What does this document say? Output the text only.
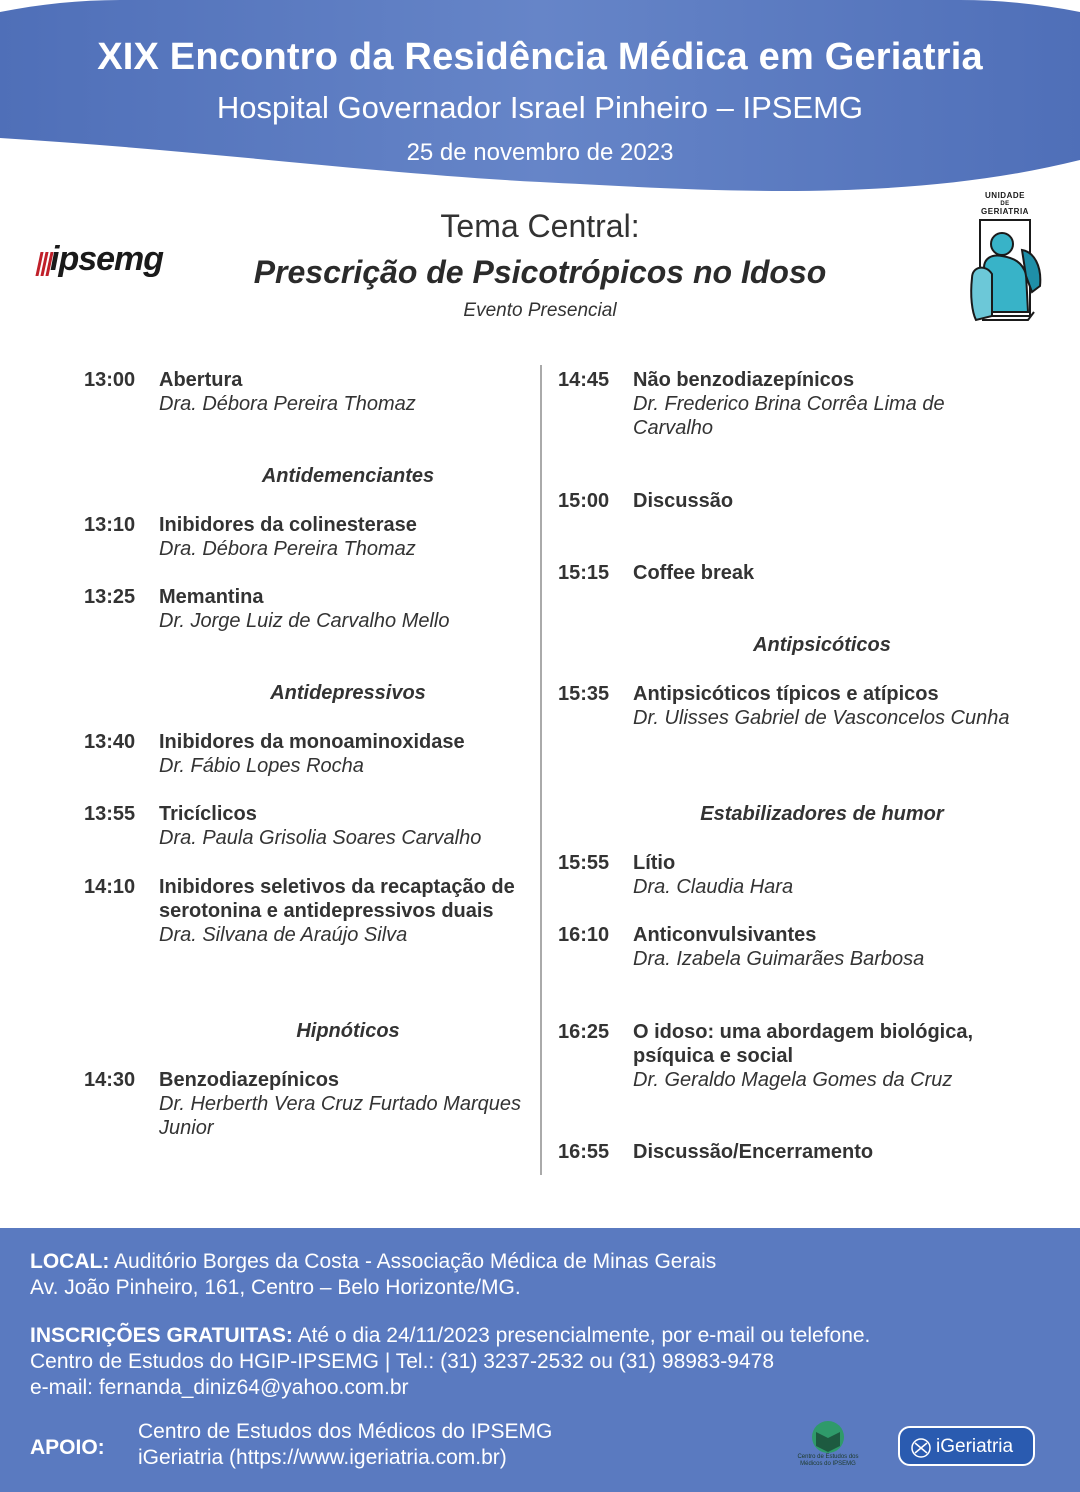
XIX Encontro da Residência Médica em Geriatria
Hospital Governador Israel Pinheiro – IPSEMG
25 de novembro de 2023
ipsemg
UNIDADE
DE
GERIATRIA
Tema Central:
Prescrição de Psicotrópicos no Idoso
Evento Presencial
13:00	Abertura
Dra. Débora Pereira Thomaz
Antidemenciantes
13:10	Inibidores da colinesterase
Dra. Débora Pereira Thomaz
13:25	Memantina
Dr. Jorge Luiz de Carvalho Mello
Antidepressivos
13:40	Inibidores da monoaminoxidase
Dr. Fábio Lopes Rocha
13:55	Tricíclicos
Dra. Paula Grisolia Soares Carvalho
14:10	Inibidores seletivos da recaptação de serotonina e antidepressivos duais
Dra. Silvana de Araújo Silva
Hipnóticos
14:30	Benzodiazepínicos
Dr. Herberth Vera Cruz Furtado Marques Junior
14:45	Não benzodiazepínicos
Dr. Frederico Brina Corrêa Lima de Carvalho
15:00	Discussão
15:15	Coffee break
Antipsicóticos
15:35	Antipsicóticos típicos e atípicos
Dr. Ulisses Gabriel de Vasconcelos Cunha
Estabilizadores de humor
15:55	Lítio
Dra. Claudia Hara
16:10	Anticonvulsivantes
Dra. Izabela Guimarães Barbosa
16:25	O idoso: uma abordagem biológica, psíquica e social
Dr. Geraldo Magela Gomes da Cruz
16:55	Discussão/Encerramento
LOCAL: Auditório Borges da Costa - Associação Médica de Minas Gerais
Av. João Pinheiro, 161, Centro – Belo Horizonte/MG.
INSCRIÇÕES GRATUITAS: Até o dia 24/11/2023 presencialmente, por e-mail ou telefone.
Centro de Estudos do HGIP-IPSEMG | Tel.: (31) 3237-2532 ou (31) 98983-9478
e-mail: fernanda_diniz64@yahoo.com.br
APOIO:
Centro de Estudos dos Médicos do IPSEMG
iGeriatria (https://www.igeriatria.com.br)	Centro de Estudos dos
Médicos do IPSEMG
iGeriatria
